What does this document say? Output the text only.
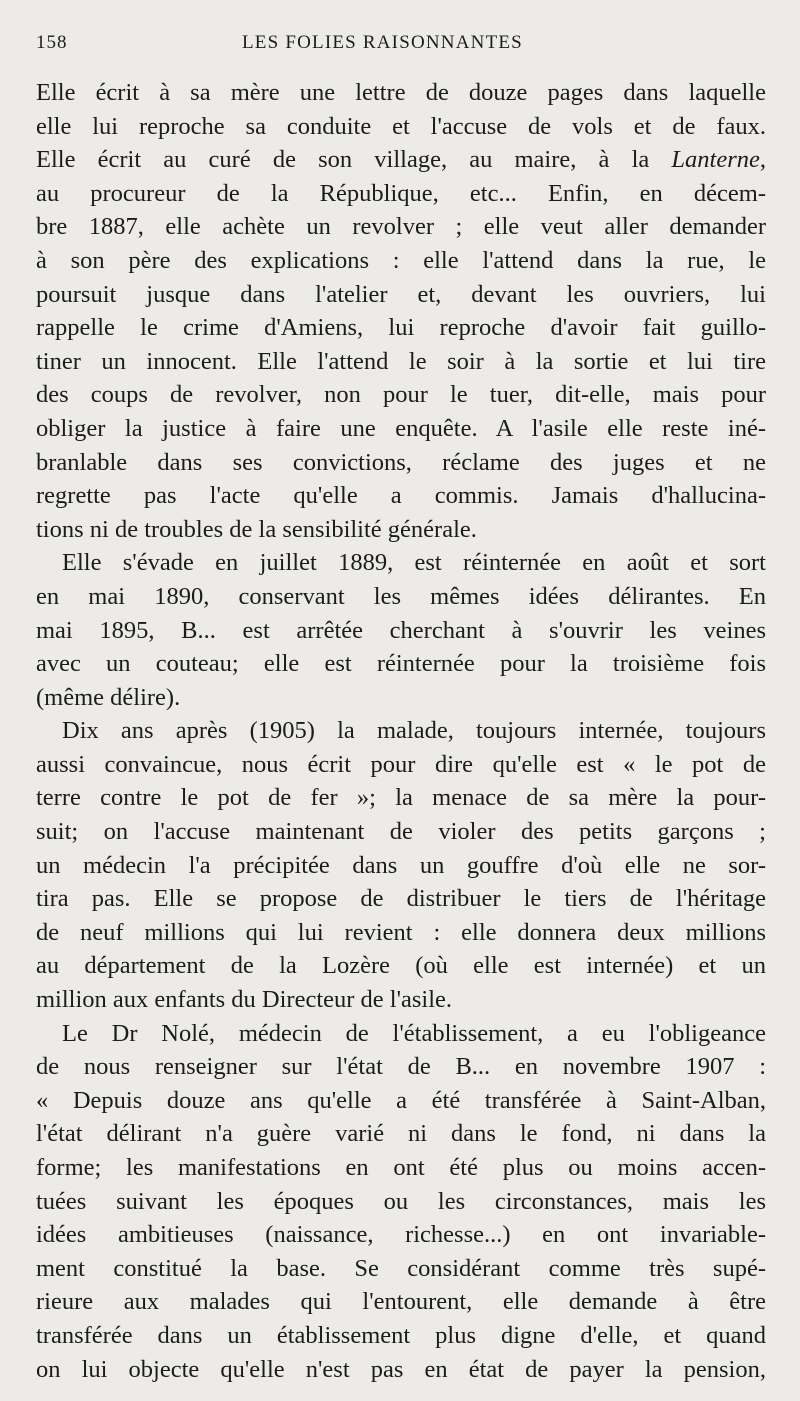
158	LES FOLIES RAISONNANTES
Elle écrit à sa mère une lettre de douze pages dans laquelle
elle lui reproche sa conduite et l'accuse de vols et de faux.
Elle écrit au curé de son village, au maire, à la Lanterne,
au procureur de la République, etc... Enfin, en décem-
bre 1887, elle achète un revolver ; elle veut aller demander
à son père des explications : elle l'attend dans la rue, le
poursuit jusque dans l'atelier et, devant les ouvriers, lui
rappelle le crime d'Amiens, lui reproche d'avoir fait guillo-
tiner un innocent. Elle l'attend le soir à la sortie et lui tire
des coups de revolver, non pour le tuer, dit-elle, mais pour
obliger la justice à faire une enquête. A l'asile elle reste iné-
branlable dans ses convictions, réclame des juges et ne
regrette pas l'acte qu'elle a commis. Jamais d'hallucina-
tions ni de troubles de la sensibilité générale.
Elle s'évade en juillet 1889, est réinternée en août et sort
en mai 1890, conservant les mêmes idées délirantes. En
mai 1895, B... est arrêtée cherchant à s'ouvrir les veines
avec un couteau; elle est réinternée pour la troisième fois
(même délire).
Dix ans après (1905) la malade, toujours internée, toujours
aussi convaincue, nous écrit pour dire qu'elle est « le pot de
terre contre le pot de fer »; la menace de sa mère la pour-
suit; on l'accuse maintenant de violer des petits garçons ;
un médecin l'a précipitée dans un gouffre d'où elle ne sor-
tira pas. Elle se propose de distribuer le tiers de l'héritage
de neuf millions qui lui revient : elle donnera deux millions
au département de la Lozère (où elle est internée) et un
million aux enfants du Directeur de l'asile.
Le Dr Nolé, médecin de l'établissement, a eu l'obligeance
de nous renseigner sur l'état de B... en novembre 1907 :
« Depuis douze ans qu'elle a été transférée à Saint-Alban,
l'état délirant n'a guère varié ni dans le fond, ni dans la
forme; les manifestations en ont été plus ou moins accen-
tuées suivant les époques ou les circonstances, mais les
idées ambitieuses (naissance, richesse...) en ont invariable-
ment constitué la base. Se considérant comme très supé-
rieure aux malades qui l'entourent, elle demande à être
transférée dans un établissement plus digne d'elle, et quand
on lui objecte qu'elle n'est pas en état de payer la pension,
